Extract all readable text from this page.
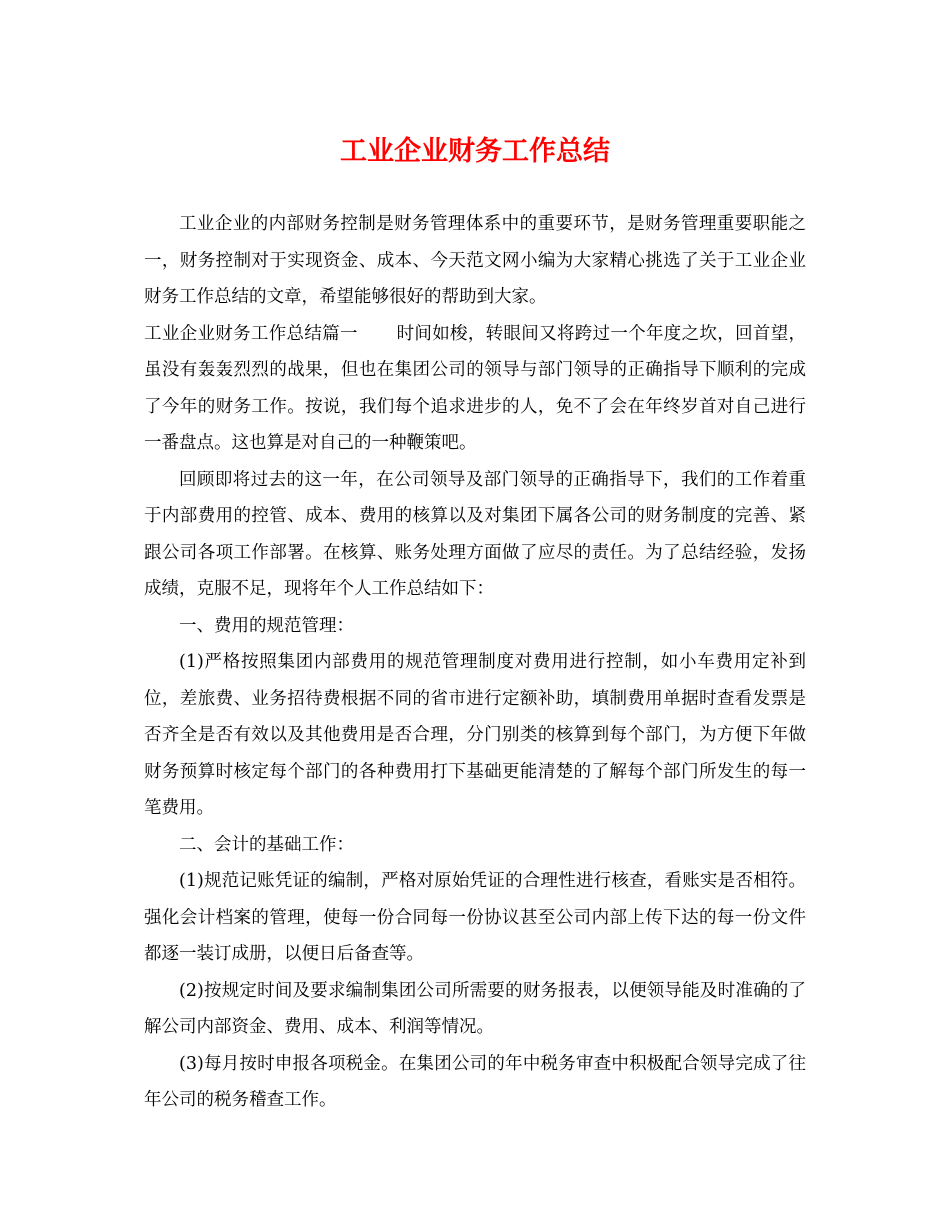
工业企业财务工作总结

工业企业的内部财务控制是财务管理体系中的重要环节，是财务管理重要职能之一，财务控制对于实现资金、成本、今天范文网小编为大家精心挑选了关于工业企业财务工作总结的文章，希望能够很好的帮助到大家。

工业企业财务工作总结篇一 时间如梭，转眼间又将跨过一个年度之坎，回首望，虽没有轰轰烈烈的战果，但也在集团公司的领导与部门领导的正确指导下顺利的完成了今年的财务工作。按说，我们每个追求进步的人，免不了会在年终岁首对自己进行一番盘点。这也算是对自己的一种鞭策吧。

回顾即将过去的这一年，在公司领导及部门领导的正确指导下，我们的工作着重于内部费用的控管、成本、费用的核算以及对集团下属各公司的财务制度的完善、紧跟公司各项工作部署。在核算、账务处理方面做了应尽的责任。为了总结经验，发扬成绩，克服不足，现将年个人工作总结如下：

一、费用的规范管理：

(1)严格按照集团内部费用的规范管理制度对费用进行控制，如小车费用定补到位，差旅费、业务招待费根据不同的省市进行定额补助，填制费用单据时查看发票是否齐全是否有效以及其他费用是否合理，分门别类的核算到每个部门，为方便下年做财务预算时核定每个部门的各种费用打下基础更能清楚的了解每个部门所发生的每一笔费用。

二、会计的基础工作：

(1)规范记账凭证的编制，严格对原始凭证的合理性进行核查，看账实是否相符。强化会计档案的管理，使每一份合同每一份协议甚至公司内部上传下达的每一份文件都逐一装订成册，以便日后备查等。

(2)按规定时间及要求编制集团公司所需要的财务报表，以便领导能及时准确的了解公司内部资金、费用、成本、利润等情况。

(3)每月按时申报各项税金。在集团公司的年中税务审查中积极配合领导完成了往年公司的税务稽查工作。
